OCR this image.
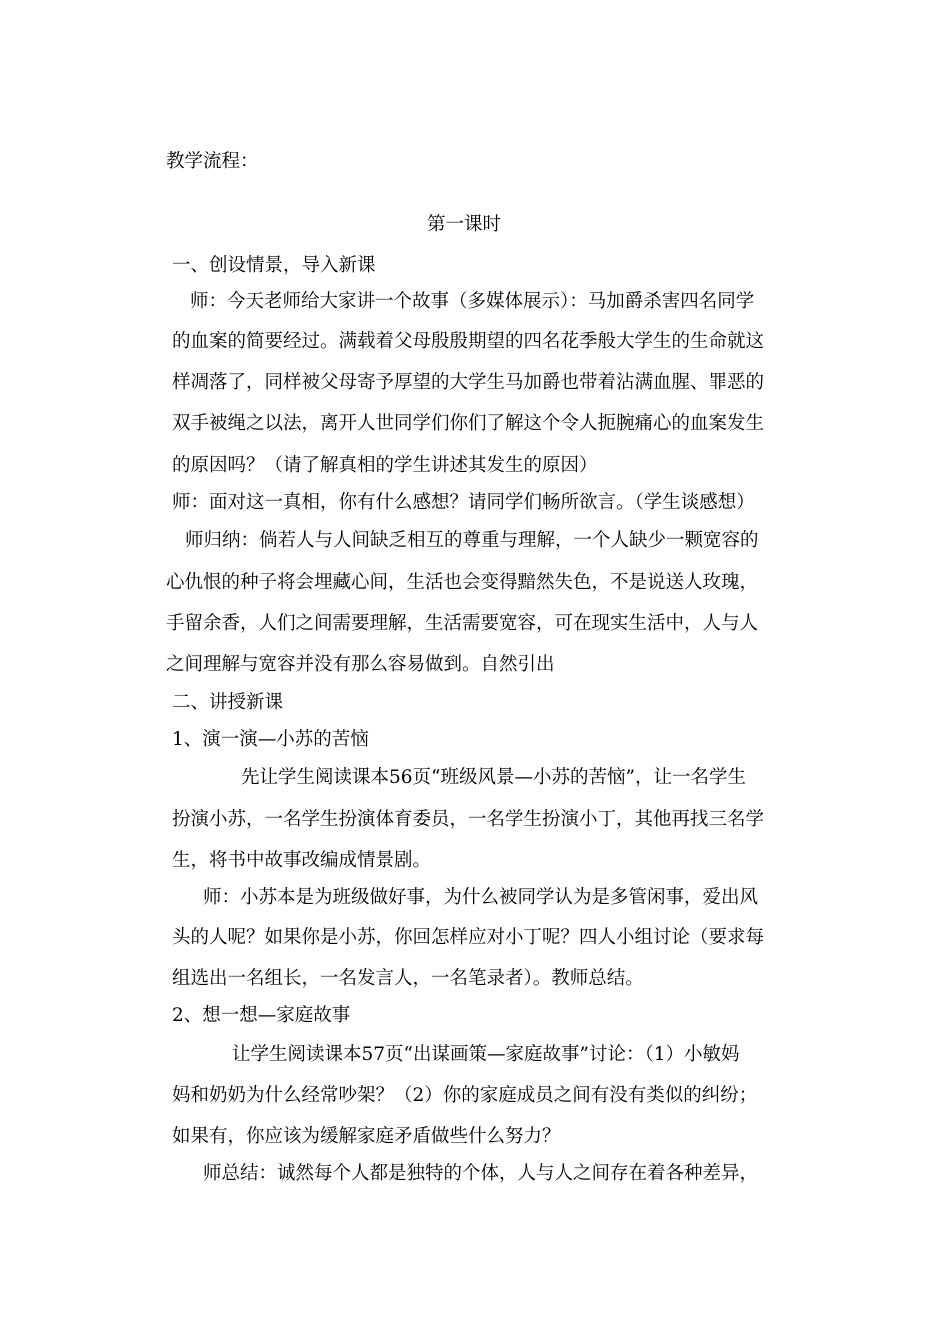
教学流程：
第一课时
一、创设情景，导入新课
师：今天老师给大家讲一个故事（多媒体展示）：马加爵杀害四名同学
的血案的简要经过。满载着父母殷殷期望的四名花季般大学生的生命就这
样凋落了，同样被父母寄予厚望的大学生马加爵也带着沾满血腥、罪恶的
双手被绳之以法，离开人世同学们你们了解这个令人扼腕痛心的血案发生
的原因吗？（请了解真相的学生讲述其发生的原因）
师：面对这一真相，你有什么感想？请同学们畅所欲言。（学生谈感想）
师归纳：倘若人与人间缺乏相互的尊重与理解，一个人缺少一颗宽容的
心仇恨的种子将会埋藏心间，生活也会变得黯然失色，不是说送人玫瑰，
手留余香，人们之间需要理解，生活需要宽容，可在现实生活中，人与人
之间理解与宽容并没有那么容易做到。自然引出
二、讲授新课
1、演一演—小苏的苦恼
先让学生阅读课本56页“班级风景—小苏的苦恼”，让一名学生
扮演小苏，一名学生扮演体育委员，一名学生扮演小丁，其他再找三名学
生，将书中故事改编成情景剧。
师：小苏本是为班级做好事，为什么被同学认为是多管闲事，爱出风
头的人呢？如果你是小苏，你回怎样应对小丁呢？四人小组讨论（要求每
组选出一名组长，一名发言人，一名笔录者）。教师总结。
2、想一想—家庭故事
让学生阅读课本57页“出谋画策—家庭故事”讨论：（1）小敏妈
妈和奶奶为什么经常吵架？（2）你的家庭成员之间有没有类似的纠纷；
如果有，你应该为缓解家庭矛盾做些什么努力？
师总结：诚然每个人都是独特的个体，人与人之间存在着各种差异，
